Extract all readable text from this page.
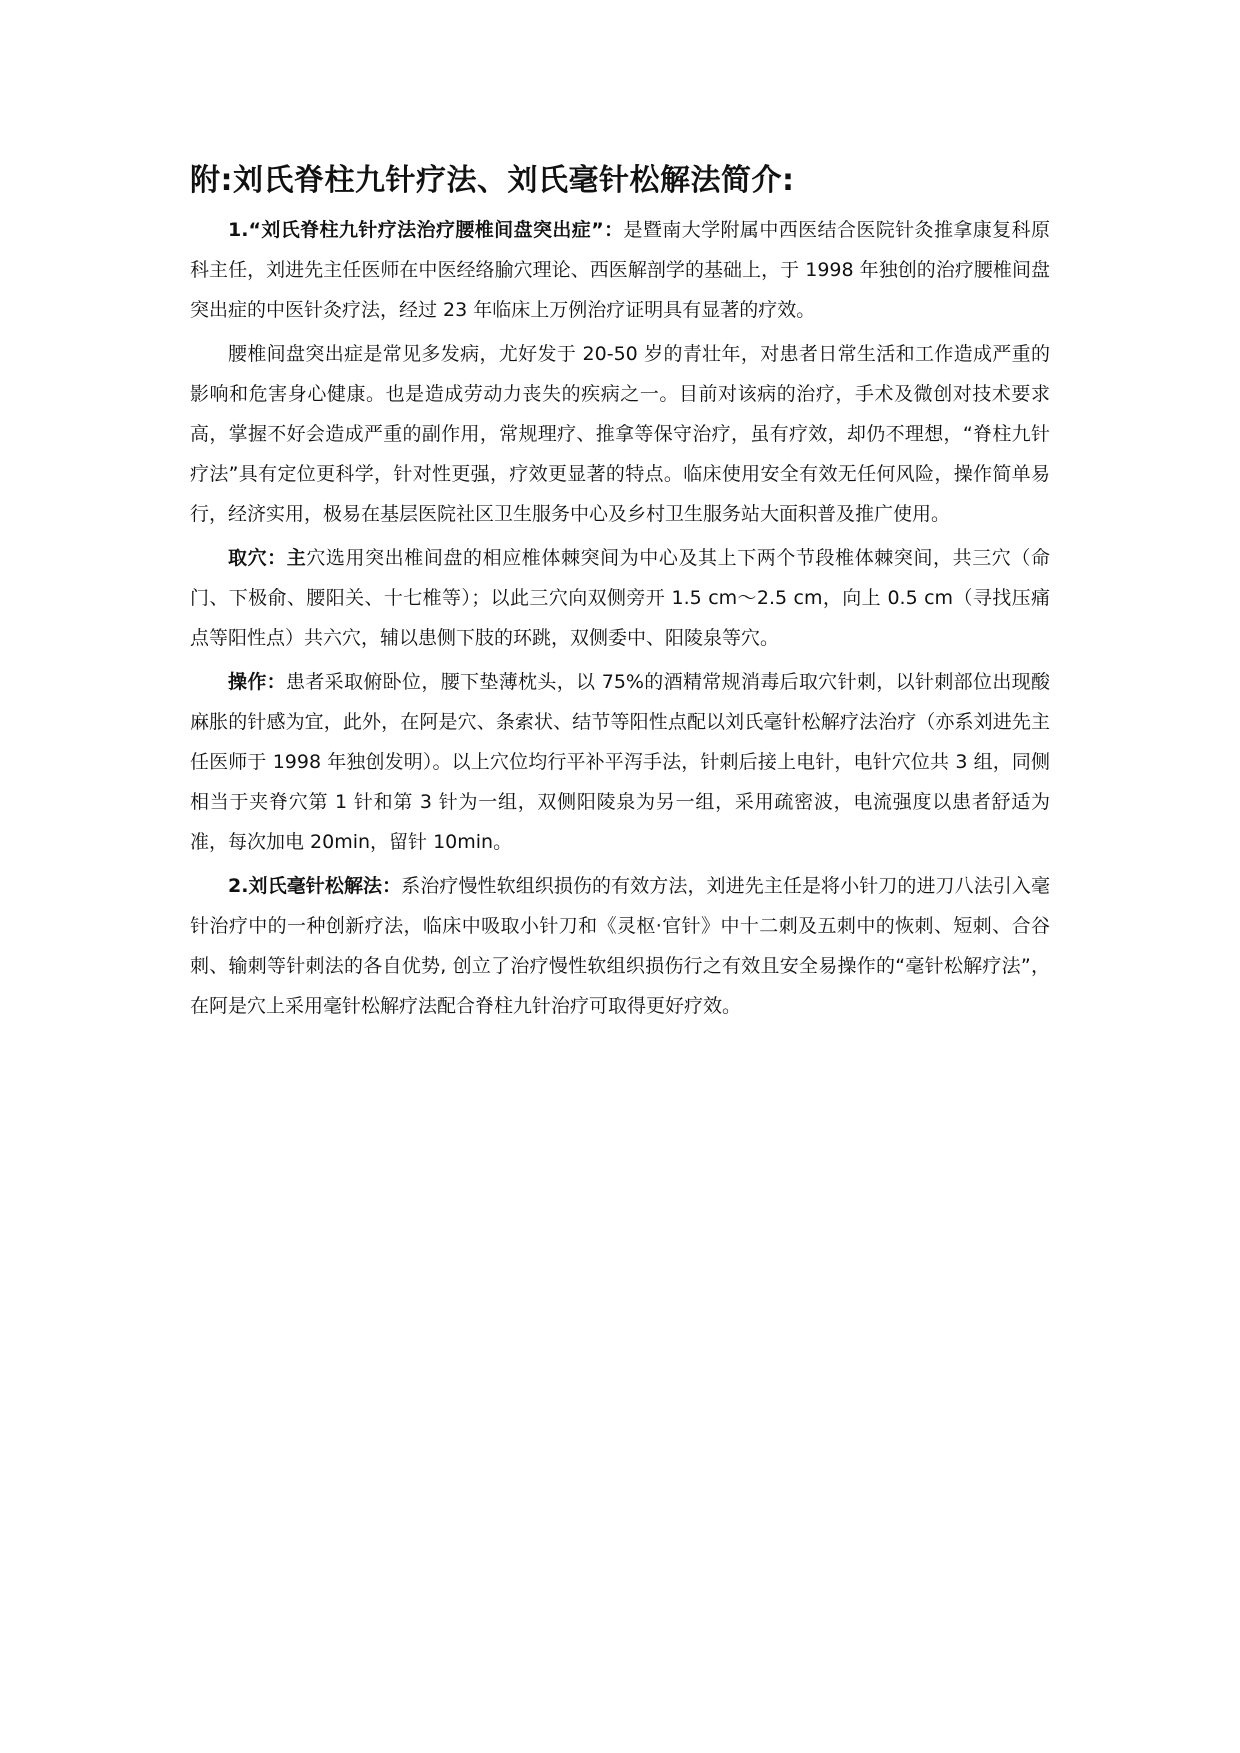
附:刘氏脊柱九针疗法、刘氏毫针松解法简介:

1.“刘氏脊柱九针疗法治疗腰椎间盘突出症”：是暨南大学附属中西医结合医院针灸推拿康复科原科主任，刘进先主任医师在中医经络腧穴理论、西医解剖学的基础上，于 1998 年独创的治疗腰椎间盘突出症的中医针灸疗法，经过 23 年临床上万例治疗证明具有显著的疗效。

腰椎间盘突出症是常见多发病，尤好发于 20-50 岁的青壮年，对患者日常生活和工作造成严重的影响和危害身心健康。也是造成劳动力丧失的疾病之一。目前对该病的治疗，手术及微创对技术要求高，掌握不好会造成严重的副作用，常规理疗、推拿等保守治疗，虽有疗效，却仍不理想，“脊柱九针疗法”具有定位更科学，针对性更强，疗效更显著的特点。临床使用安全有效无任何风险，操作简单易行，经济实用，极易在基层医院社区卫生服务中心及乡村卫生服务站大面积普及推广使用。

取穴：主穴选用突出椎间盘的相应椎体棘突间为中心及其上下两个节段椎体棘突间，共三穴（命门、下极俞、腰阳关、十七椎等）；以此三穴向双侧旁开 1.5 cm～2.5 cm，向上 0.5 cm（寻找压痛点等阳性点）共六穴，辅以患侧下肢的环跳，双侧委中、阳陵泉等穴。

操作：患者采取俯卧位，腰下垫薄枕头，以 75%的酒精常规消毒后取穴针刺，以针刺部位出现酸麻胀的针感为宜，此外，在阿是穴、条索状、结节等阳性点配以刘氏毫针松解疗法治疗（亦系刘进先主任医师于 1998 年独创发明）。以上穴位均行平补平泻手法，针刺后接上电针，电针穴位共 3 组，同侧相当于夹脊穴第 1 针和第 3 针为一组，双侧阳陵泉为另一组，采用疏密波，电流强度以患者舒适为准，每次加电 20min，留针 10min。

2.刘氏毫针松解法：系治疗慢性软组织损伤的有效方法，刘进先主任是将小针刀的进刀八法引入毫针治疗中的一种创新疗法，临床中吸取小针刀和《灵枢·官针》中十二刺及五刺中的恢刺、短刺、合谷刺、输刺等针刺法的各自优势, 创立了治疗慢性软组织损伤行之有效且安全易操作的“毫针松解疗法”，在阿是穴上采用毫针松解疗法配合脊柱九针治疗可取得更好疗效。
